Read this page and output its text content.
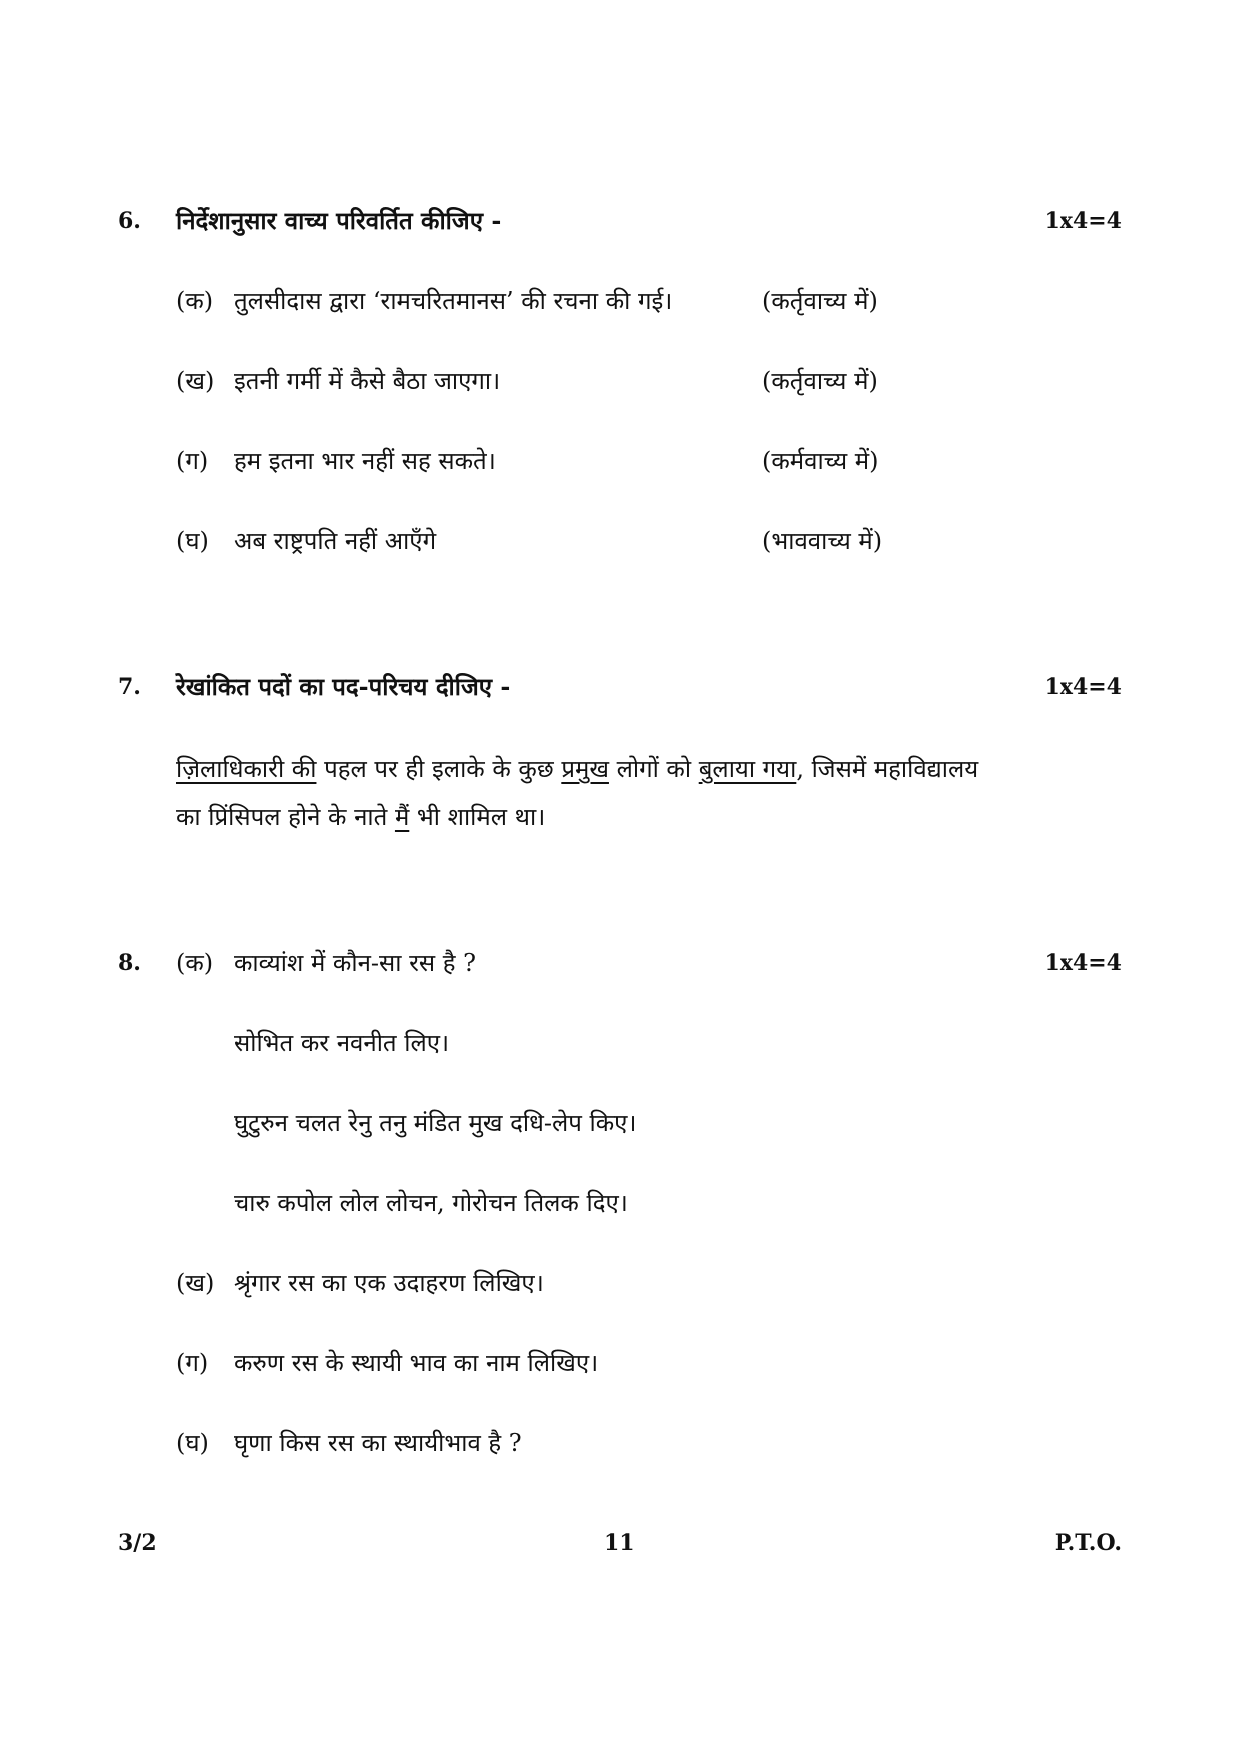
6. निर्देशानुसार वाच्य परिवर्तित कीजिए -	1x4=4
(क) तुलसीदास द्वारा ‘रामचरितमानस’ की रचना की गई।	(कर्तृवाच्य में)
(ख) इतनी गर्मी में कैसे बैठा जाएगा।	(कर्तृवाच्य में)
(ग) हम इतना भार नहीं सह सकते।	(कर्मवाच्य में)
(घ) अब राष्ट्रपति नहीं आएँगे	(भाववाच्य में)
7. रेखांकित पदों का पद-परिचय दीजिए -	1x4=4
ज़िलाधिकारी की पहल पर ही इलाके के कुछ प्रमुख लोगों को बुलाया गया, जिसमें महाविद्यालय
का प्रिंसिपल होने के नाते मैं भी शामिल था।
8. (क) काव्यांश में कौन-सा रस है ?	1x4=4
सोभित कर नवनीत लिए।
घुटुरुन चलत रेनु तनु मंडित मुख दधि-लेप किए।
चारु कपोल लोल लोचन, गोरोचन तिलक दिए।
(ख) श्रृंगार रस का एक उदाहरण लिखिए।
(ग) करुण रस के स्थायी भाव का नाम लिखिए।
(घ) घृणा किस रस का स्थायीभाव है ?
3/2	11	P.T.O.
